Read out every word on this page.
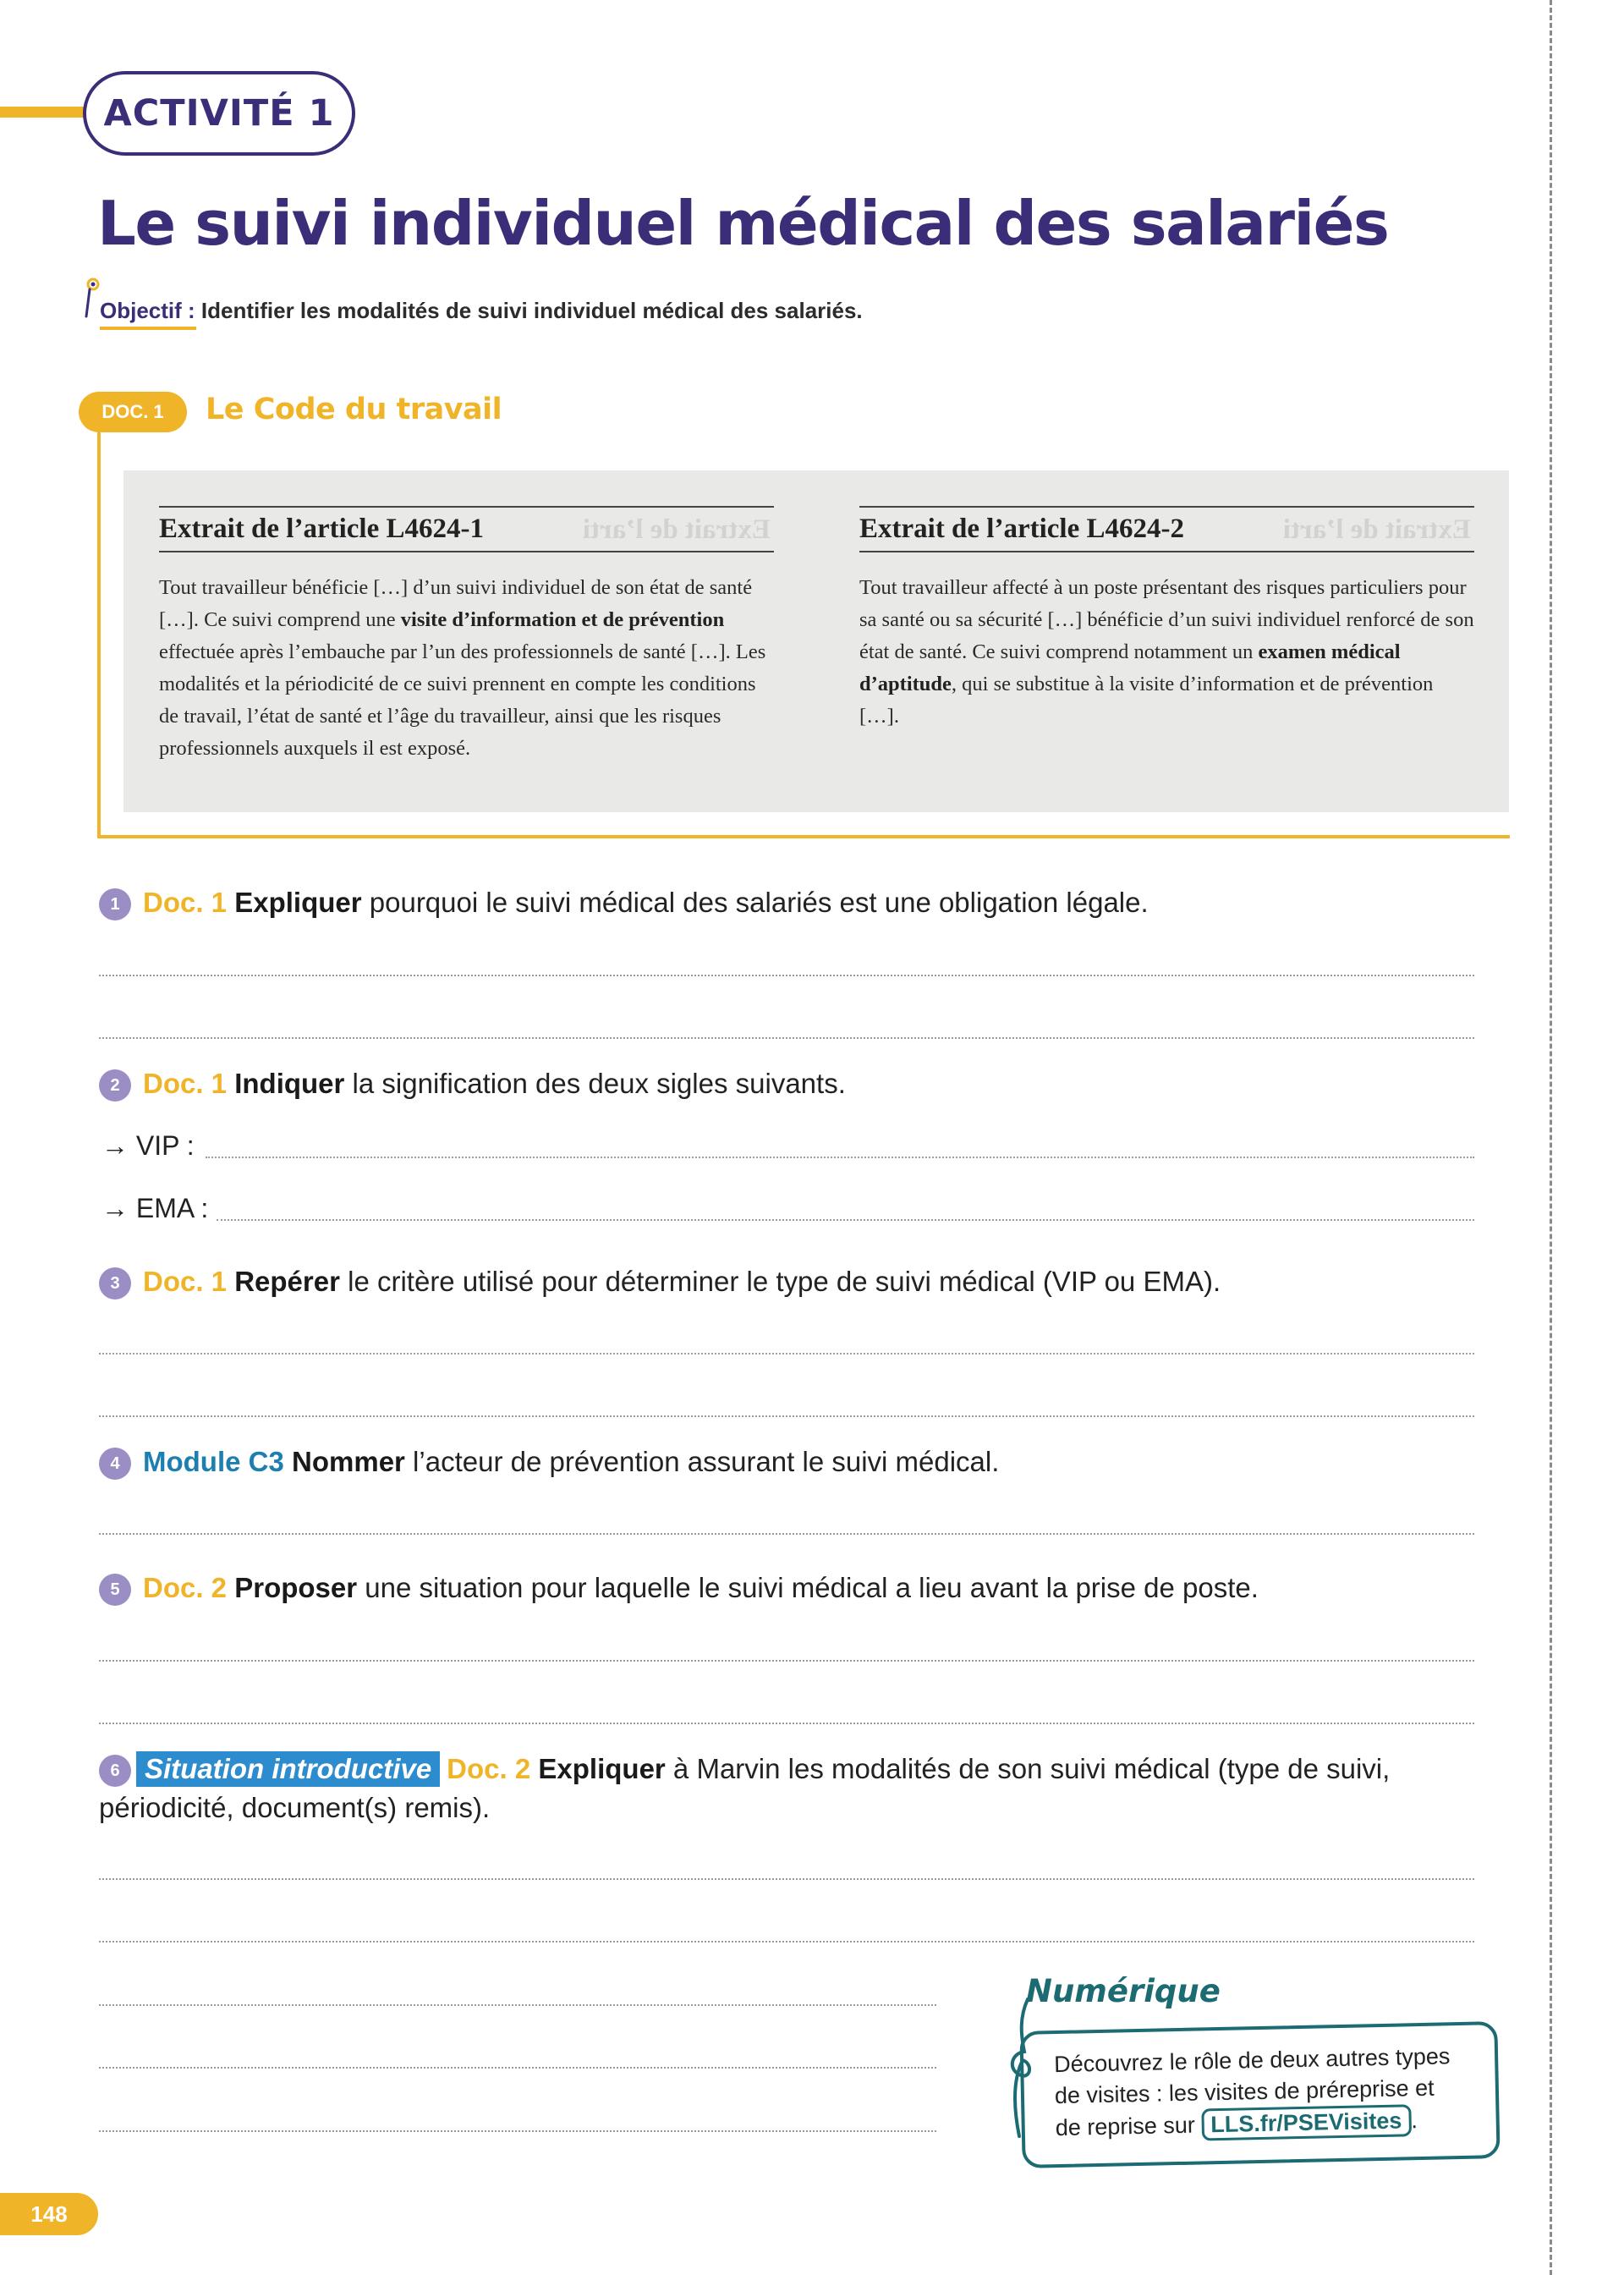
ACTIVITÉ 1
Le suivi individuel médical des salariés
Objectif : Identifier les modalités de suivi individuel médical des salariés.
DOC. 1	Le Code du travail
Extrait de l’article L4624-1	Extrait de l’arti
Tout travailleur bénéficie […] d’un suivi individuel de son état de santé […]. Ce suivi comprend une visite d’information et de prévention effectuée après l’embauche par l’un des professionnels de santé […]. Les modalités et la périodicité de ce suivi prennent en compte les conditions de travail, l’état de santé et l’âge du travailleur, ainsi que les risques professionnels auxquels il est exposé.
Extrait de l’article L4624-2	Extrait de l’arti
Tout travailleur affecté à un poste présentant des risques particuliers pour sa santé ou sa sécurité […] bénéficie d’un suivi individuel renforcé de son état de santé. Ce suivi comprend notamment un examen médical d’aptitude, qui se substitue à la visite d’information et de prévention […].
1 Doc. 1 Expliquer pourquoi le suivi médical des salariés est une obligation légale.
2 Doc. 1 Indiquer la signification des deux sigles suivants.
→ VIP :
→ EMA :
3 Doc. 1 Repérer le critère utilisé pour déterminer le type de suivi médical (VIP ou EMA).
4 Module C3 Nommer l’acteur de prévention assurant le suivi médical.
5 Doc. 2 Proposer une situation pour laquelle le suivi médical a lieu avant la prise de poste.
6 Situation introductive Doc. 2 Expliquer à Marvin les modalités de son suivi médical (type de suivi,
périodicité, document(s) remis).
Numérique
Découvrez le rôle de deux autres types
de visites : les visites de préreprise et
de reprise sur LLS.fr/PSEVisites .
148
